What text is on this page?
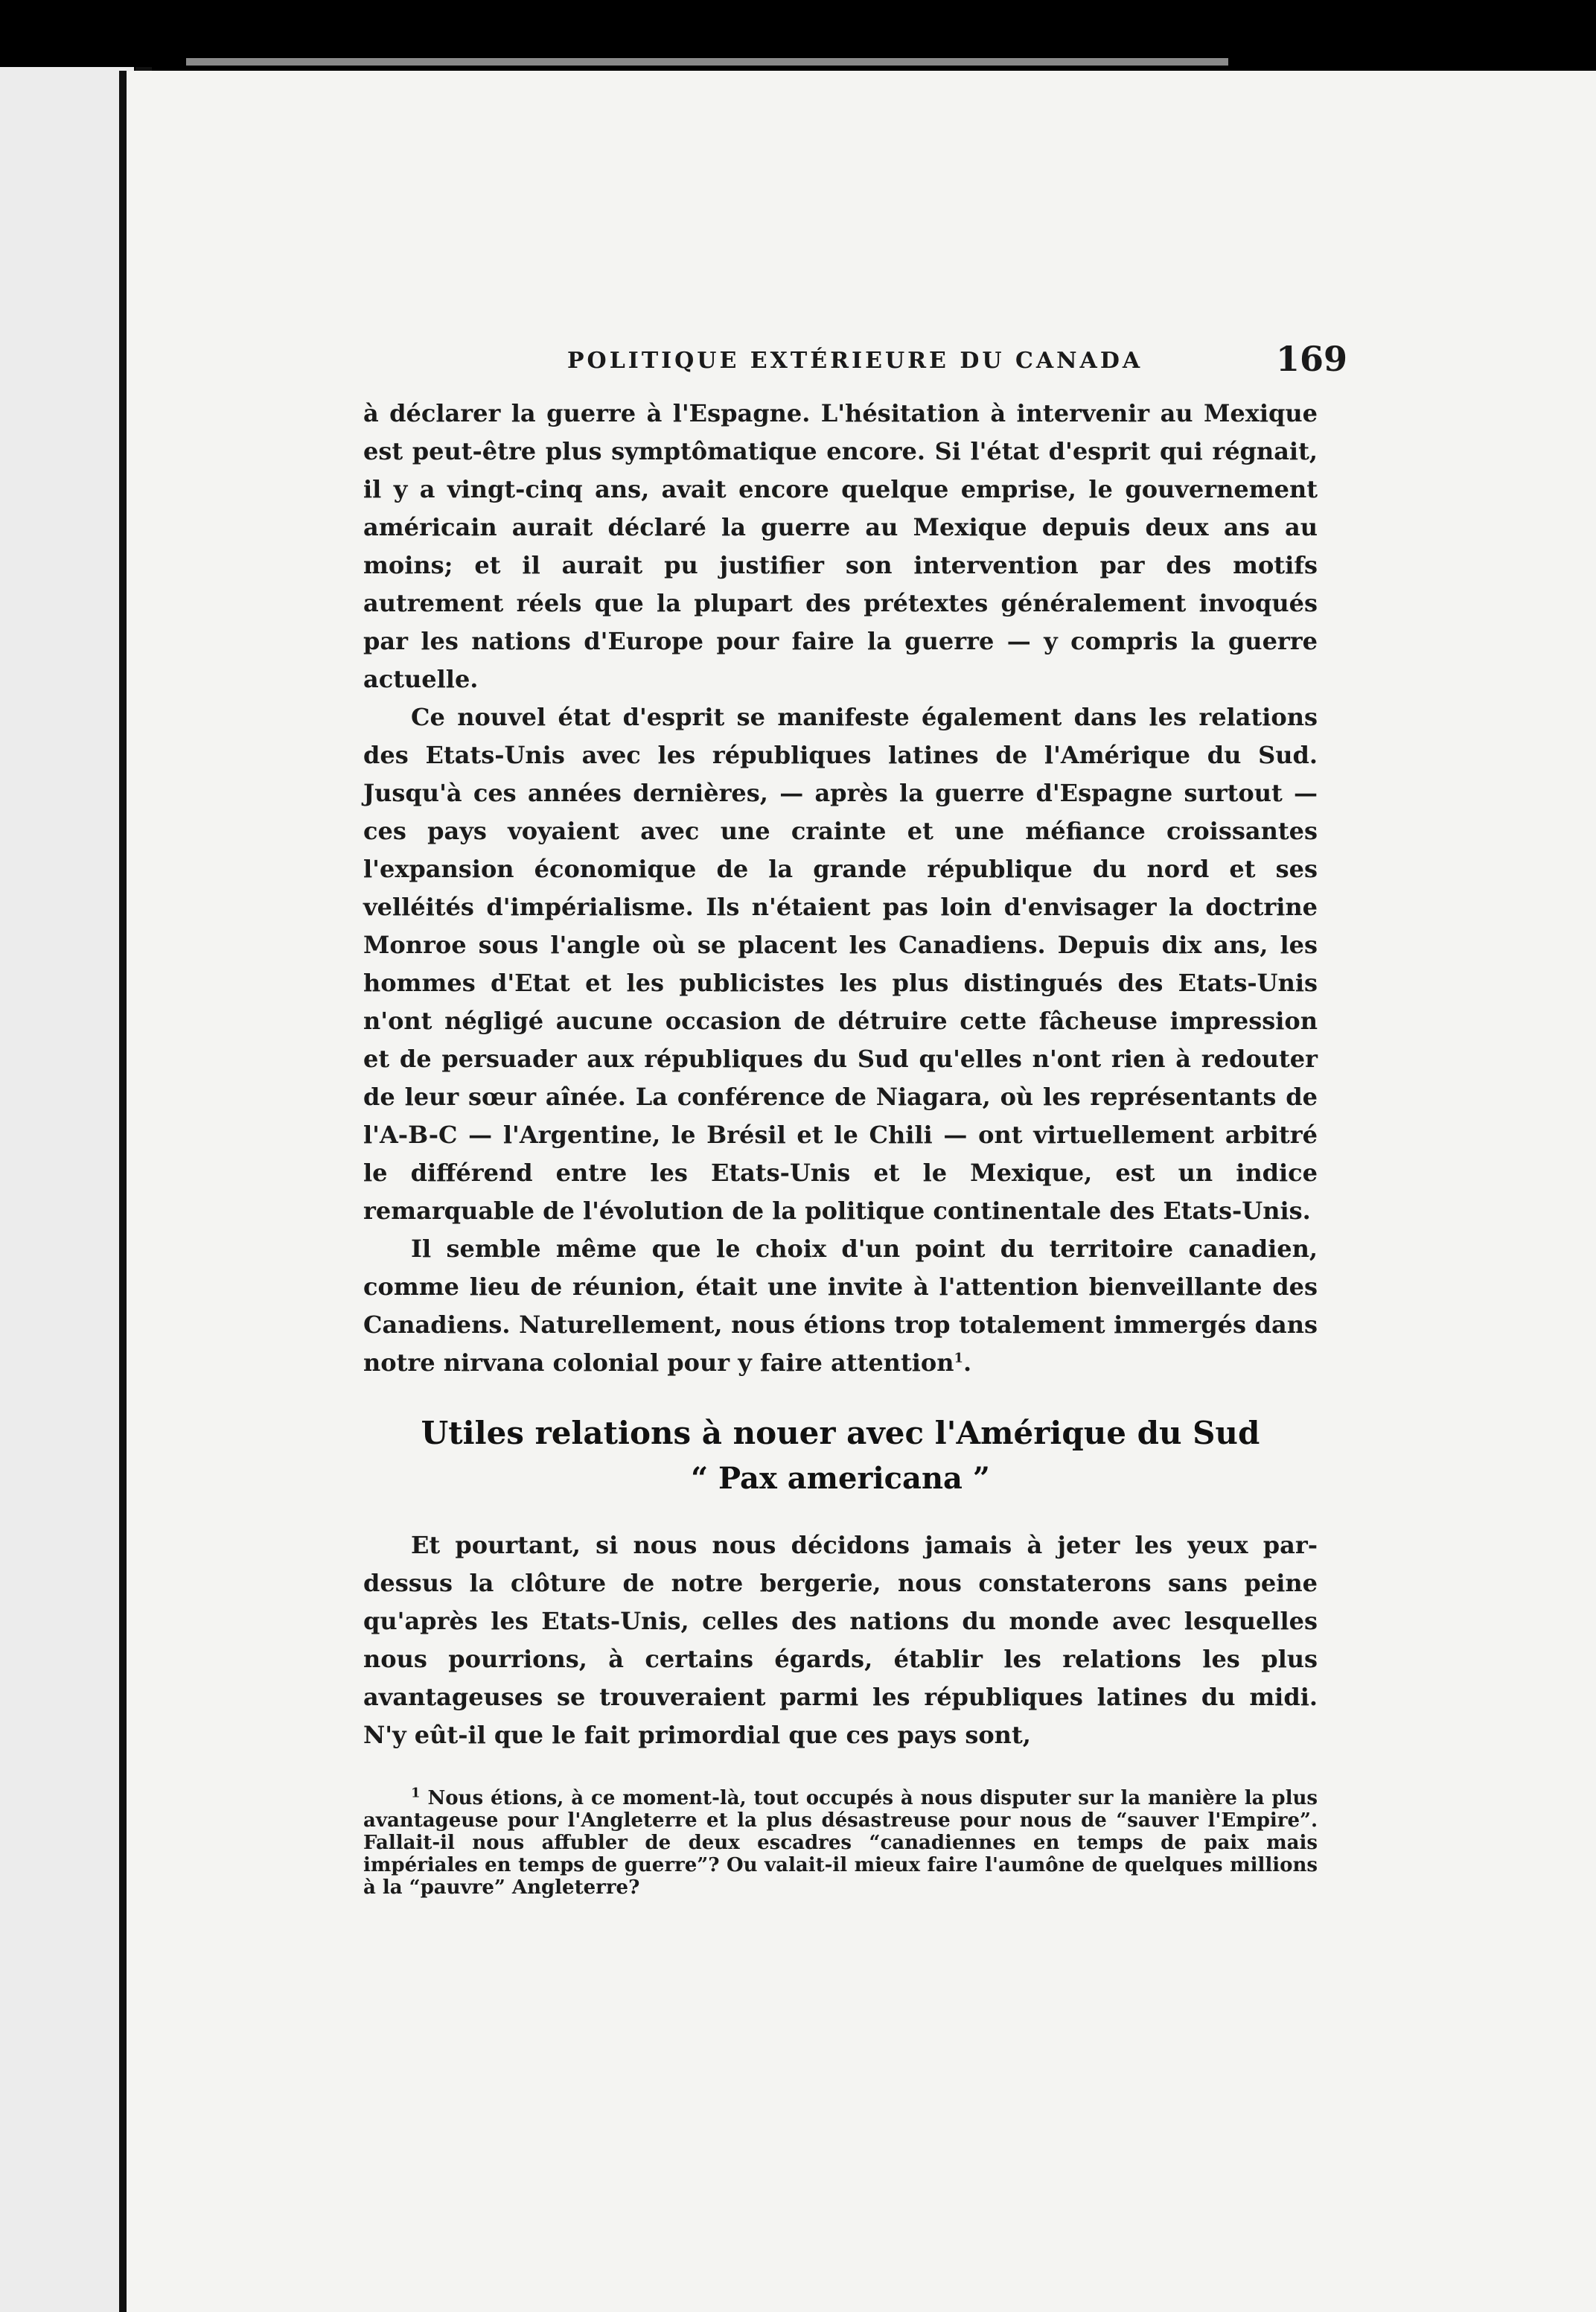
POLITIQUE EXTÉRIEURE DU CANADA	169

à déclarer la guerre à l'Espagne. L'hésitation à intervenir au Mexique est peut-être plus symptômatique encore. Si l'état d'esprit qui régnait, il y a vingt-cinq ans, avait encore quelque emprise, le gouvernement américain aurait déclaré la guerre au Mexique depuis deux ans au moins; et il aurait pu justifier son intervention par des motifs autrement réels que la plupart des prétextes généralement invoqués par les nations d'Europe pour faire la guerre — y compris la guerre actuelle.

Ce nouvel état d'esprit se manifeste également dans les relations des Etats-Unis avec les républiques latines de l'Amérique du Sud. Jusqu'à ces années dernières, — après la guerre d'Espagne surtout — ces pays voyaient avec une crainte et une méfiance croissantes l'expansion économique de la grande république du nord et ses velléités d'impérialisme. Ils n'étaient pas loin d'envisager la doctrine Monroe sous l'angle où se placent les Canadiens. Depuis dix ans, les hommes d'Etat et les publicistes les plus distingués des Etats-Unis n'ont négligé aucune occasion de détruire cette fâcheuse impression et de persuader aux républiques du Sud qu'elles n'ont rien à redouter de leur sœur aînée. La conférence de Niagara, où les représentants de l'A-B-C — l'Argentine, le Brésil et le Chili — ont virtuellement arbitré le différend entre les Etats-Unis et le Mexique, est un indice remarquable de l'évolution de la politique continentale des Etats-Unis.

Il semble même que le choix d'un point du territoire canadien, comme lieu de réunion, était une invite à l'attention bienveillante des Canadiens. Naturellement, nous étions trop totalement immergés dans notre nirvana colonial pour y faire attention$^1$.

Utiles relations à nouer avec l'Amérique du Sud
“ Pax americana ”

Et pourtant, si nous nous décidons jamais à jeter les yeux par-dessus la clôture de notre bergerie, nous constaterons sans peine qu'après les Etats-Unis, celles des nations du monde avec lesquelles nous pourrions, à certains égards, établir les relations les plus avantageuses se trouveraient parmi les républiques latines du midi. N'y eût-il que le fait primordial que ces pays sont,

$^1$ Nous étions, à ce moment-là, tout occupés à nous disputer sur la manière la plus avantageuse pour l'Angleterre et la plus désastreuse pour nous de “sauver l'Empire”. Fallait-il nous affubler de deux escadres “canadiennes en temps de paix mais impériales en temps de guerre”? Ou valait-il mieux faire l'aumône de quelques millions à la “pauvre” Angleterre?
